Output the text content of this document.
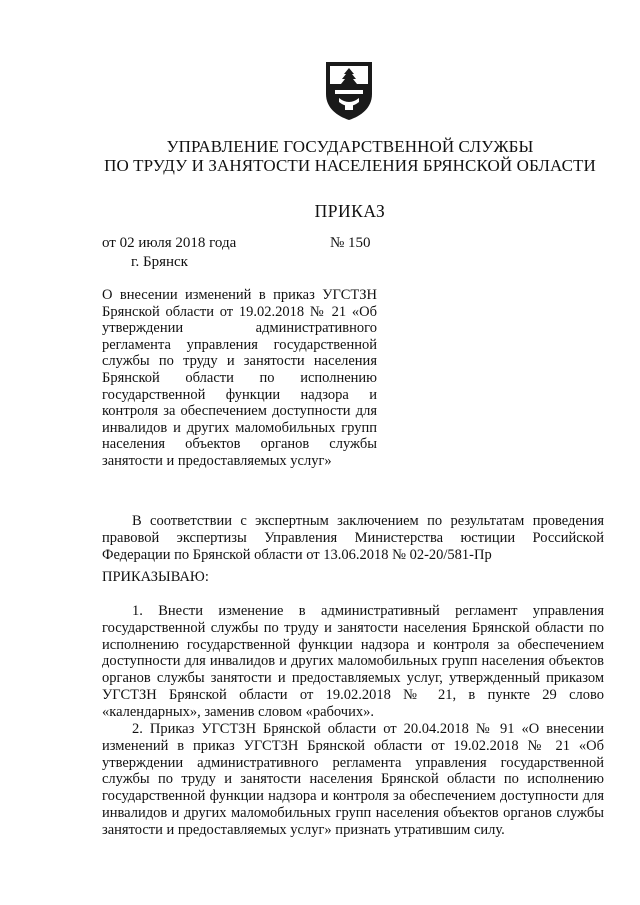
УПРАВЛЕНИЕ ГОСУДАРСТВЕННОЙ СЛУЖБЫ
ПО ТРУДУ И ЗАНЯТОСТИ НАСЕЛЕНИЯ БРЯНСКОЙ ОБЛАСТИ
ПРИКАЗ
от 02 июля 2018 года	№ 150
г. Брянск
О внесении изменений в приказ УГСТЗН Брянской области от 19.02.2018 № 21 «Об утверждении административного регламента управления государственной службы по труду и занятости населения Брянской области по исполнению государственной функции надзора и контроля за обеспечением доступности для инвалидов и других маломобильных групп населения объектов органов службы занятости и предоставляемых услуг»

В соответствии с экспертным заключением по результатам проведения правовой экспертизы Управления Министерства юстиции Российской Федерации по Брянской области от 13.06.2018 № 02-20/581-Пр

ПРИКАЗЫВАЮ:

1. Внести изменение в административный регламент управления государственной службы по труду и занятости населения Брянской области по исполнению государственной функции надзора и контроля за обеспечением доступности для инвалидов и других маломобильных групп населения объектов органов службы занятости и предоставляемых услуг, утвержденный приказом УГСТЗН Брянской области от 19.02.2018 № 21, в пункте 29 слово «календарных», заменив словом «рабочих».

2. Приказ УГСТЗН Брянской области от 20.04.2018 № 91 «О внесении изменений в приказ УГСТЗН Брянской области от 19.02.2018 № 21 «Об утверждении административного регламента управления государственной службы по труду и занятости населения Брянской области по исполнению государственной функции надзора и контроля за обеспечением доступности для инвалидов и других маломобильных групп населения объектов органов службы занятости и предоставляемых услуг» признать утратившим силу.
